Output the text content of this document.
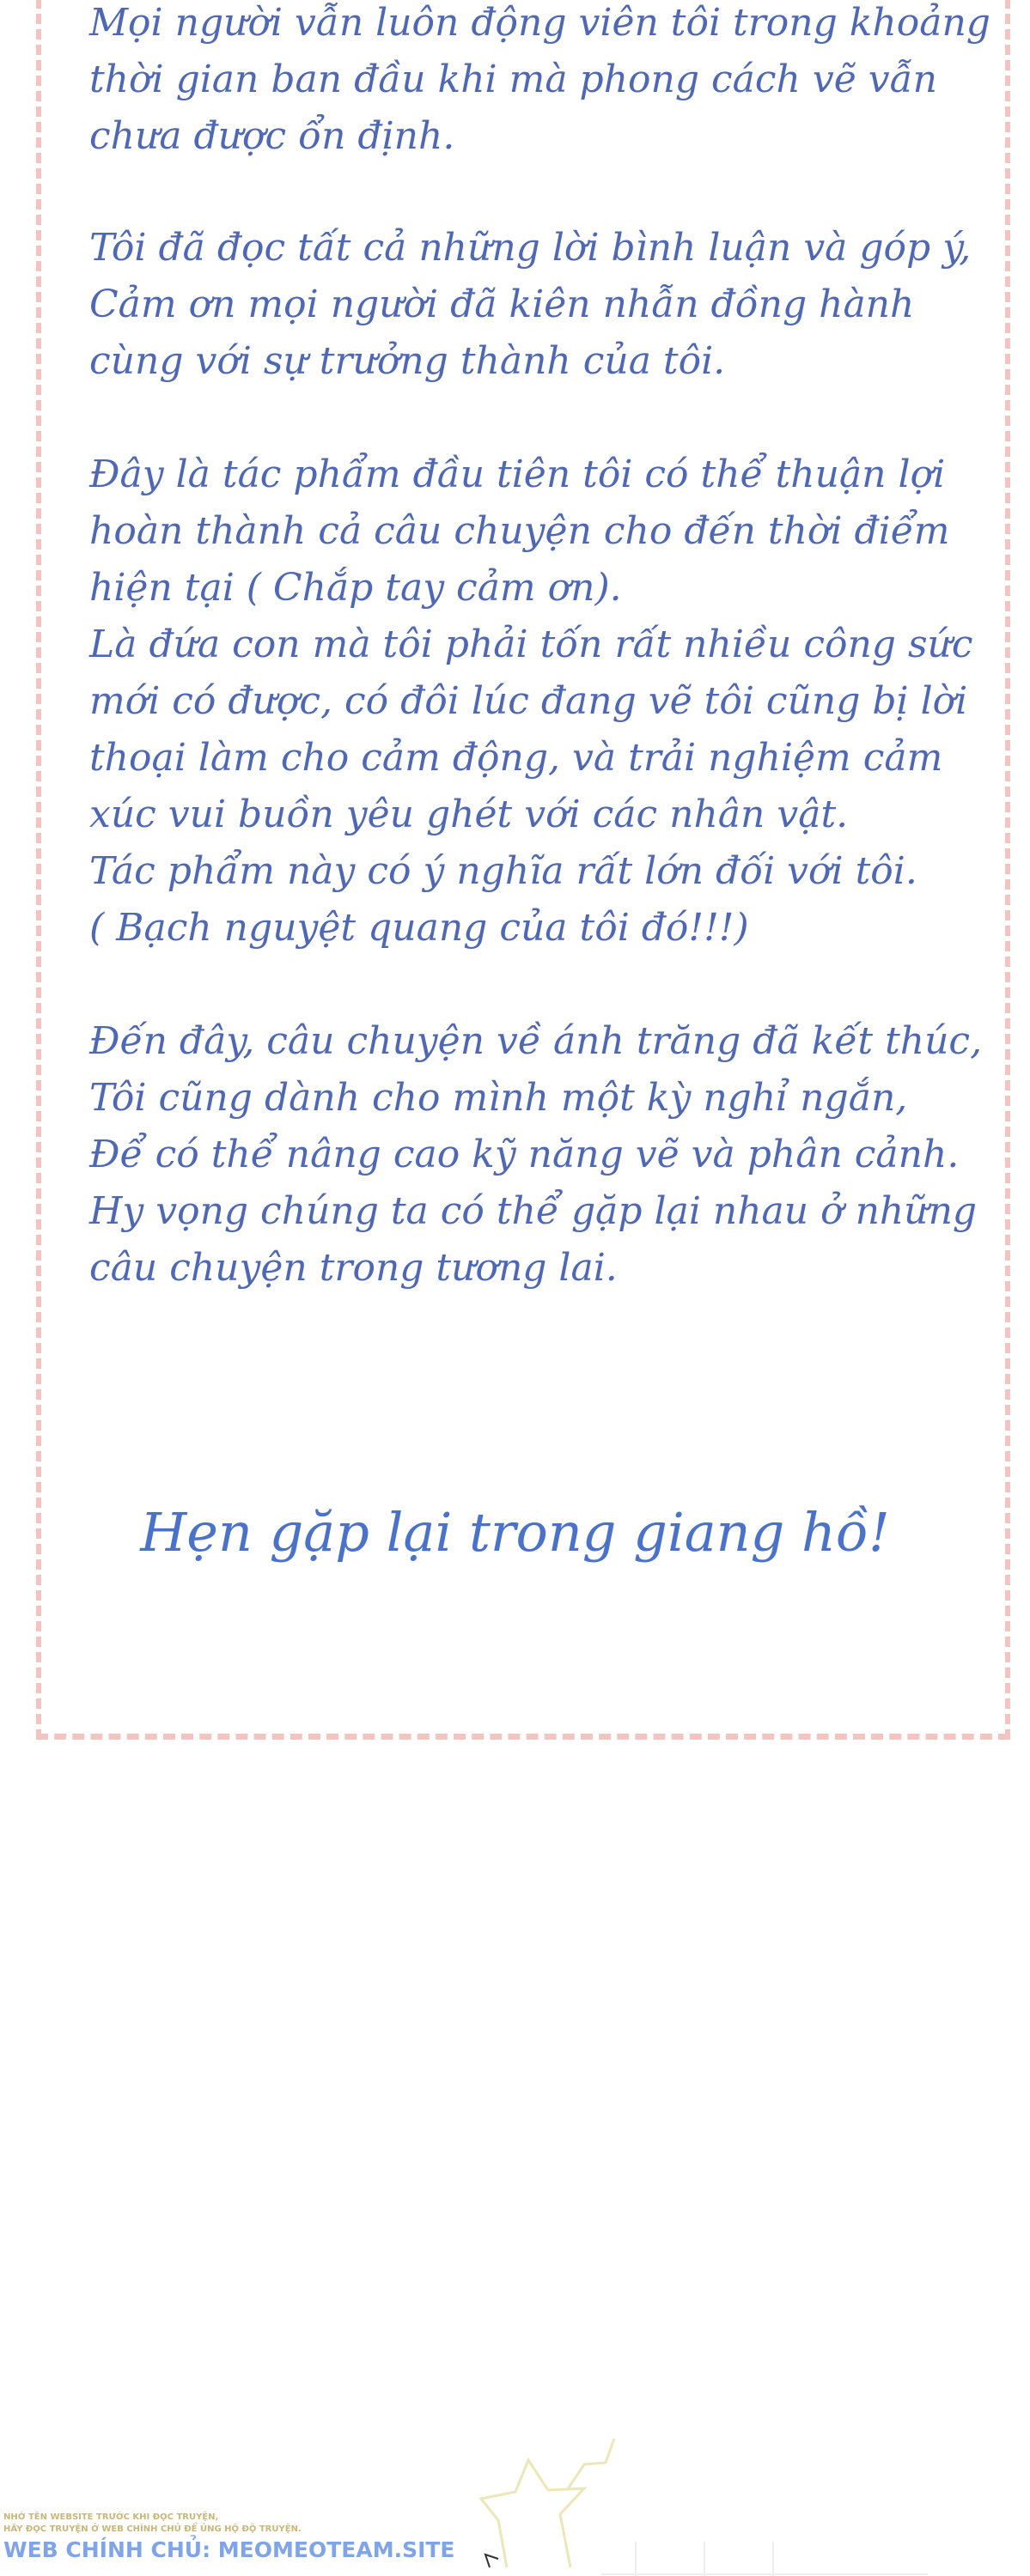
Mọi người vẫn luôn động viên tôi trong khoảng
thời gian ban đầu khi mà phong cách vẽ vẫn
chưa được ổn định.
Tôi đã đọc tất cả những lời bình luận và góp ý,
Cảm ơn mọi người đã kiên nhẫn đồng hành
cùng với sự trưởng thành của tôi.
Đây là tác phẩm đầu tiên tôi có thể thuận lợi
hoàn thành cả câu chuyện cho đến thời điểm
hiện tại ( Chắp tay cảm ơn).
Là đứa con mà tôi phải tốn rất nhiều công sức
mới có được, có đôi lúc đang vẽ tôi cũng bị lời
thoại làm cho cảm động, và trải nghiệm cảm
xúc vui buồn yêu ghét với các nhân vật.
Tác phẩm này có ý nghĩa rất lớn đối với tôi.
( Bạch nguyệt quang của tôi đó!!!)
Đến đây, câu chuyện về ánh trăng đã kết thúc,
Tôi cũng dành cho mình một kỳ nghỉ ngắn,
Để có thể nâng cao kỹ năng vẽ và phân cảnh.
Hy vọng chúng ta có thể gặp lại nhau ở những
câu chuyện trong tương lai.

Hẹn gặp lại trong giang hồ!

NHỚ TÊN WEBSITE TRƯỚC KHI ĐỌC TRUYỆN,
HÃY ĐỌC TRUYỆN Ở WEB CHÍNH CHỦ ĐỂ ỦNG HỘ ĐỘ TRUYỆN.
WEB CHÍNH CHỦ: MEOMEOTEAM.SITE
